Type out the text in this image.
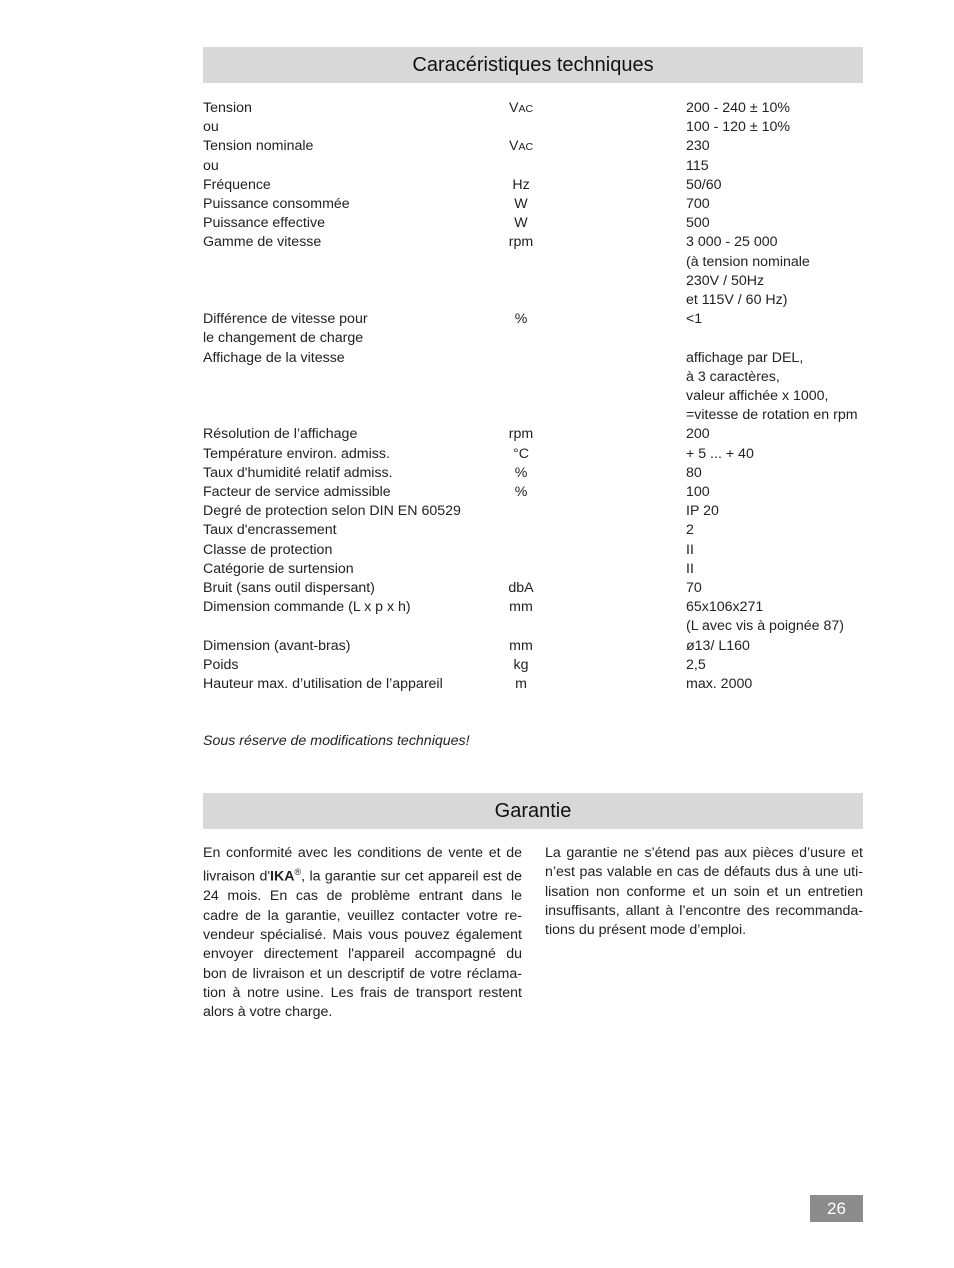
Caracéristiques techniques
Tension	VAC	200 - 240 ± 10%
ou	100 - 120 ± 10%
Tension nominale	VAC	230
ou	115
Fréquence	Hz	50/60
Puissance consommée	W	700
Puissance effective	W	500
Gamme de vitesse	rpm	3 000 - 25 000
(à tension nominale
230V / 50Hz
et 115V / 60 Hz)
Différence de vitesse pour
le changement de charge
%	<1

Affichage de la vitesse	affichage par DEL,
à 3 caractères,
valeur affichée x 1000,
=vitesse de rotation en rpm
Résolution de l’affichage	rpm	200
Température environ. admiss.	°C	+ 5 ... + 40
Taux d'humidité relatif admiss.	%	80
Facteur de service admissible	%	100
Degré de protection selon DIN EN 60529	IP 20
Taux d'encrassement	2
Classe de protection	II
Catégorie de surtension	II
Bruit (sans outil dispersant)	dbA	70
Dimension commande (L x p x h)	mm	65x106x271
(L avec vis à poignée 87)
Dimension (avant-bras)	mm	ø13/ L160
Poids	kg	2,5
Hauteur max. d’utilisation de l’appareil	m	max. 2000
Sous réserve de modifications techniques!
Garantie

En conformité avec les conditions de vente et de livraison d'IKA®, la garantie sur cet appareil est de 24 mois. En cas de problème entrant dans le cadre de la garantie, veuillez contacter votre revendeur spécialisé. Mais vous pouvez également envoyer directement l'appareil accompagné du bon de livraison et un descriptif de votre réclamation à notre usine. Les frais de transport restent alors à votre charge.

La garantie ne s’étend pas aux pièces d’usure et n’est pas valable en cas de défauts dus à une utilisation non conforme et un soin et un entretien insuffisants, allant à l’encontre des recommandations du présent mode d’emploi.

26
